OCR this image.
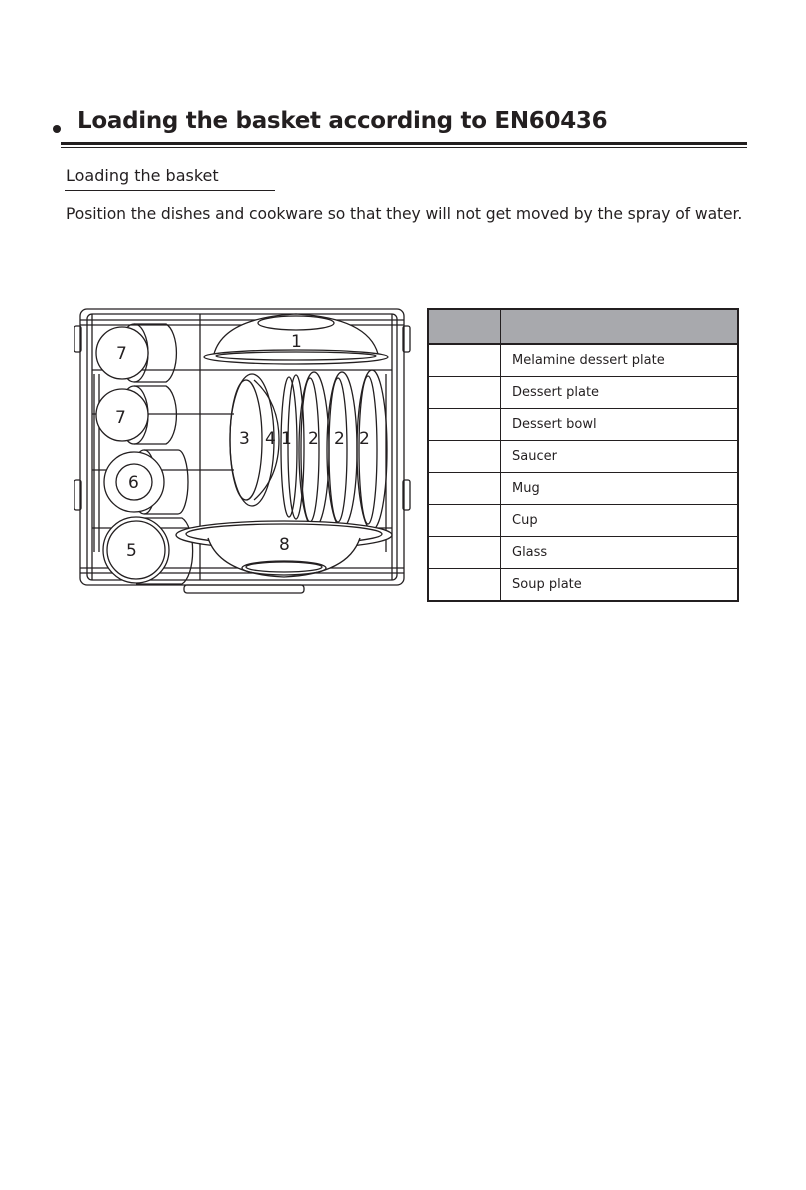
Loading the basket according to EN60436
Loading the basket

Position the dishes and cookware so that they will not get moved by the spray of water.

7
7
6
5
1
3 4 1 2 2 2
8

	Melamine dessert plate
	Dessert plate
	Dessert bowl
	Saucer
	Mug
	Cup
	Glass
	Soup plate
